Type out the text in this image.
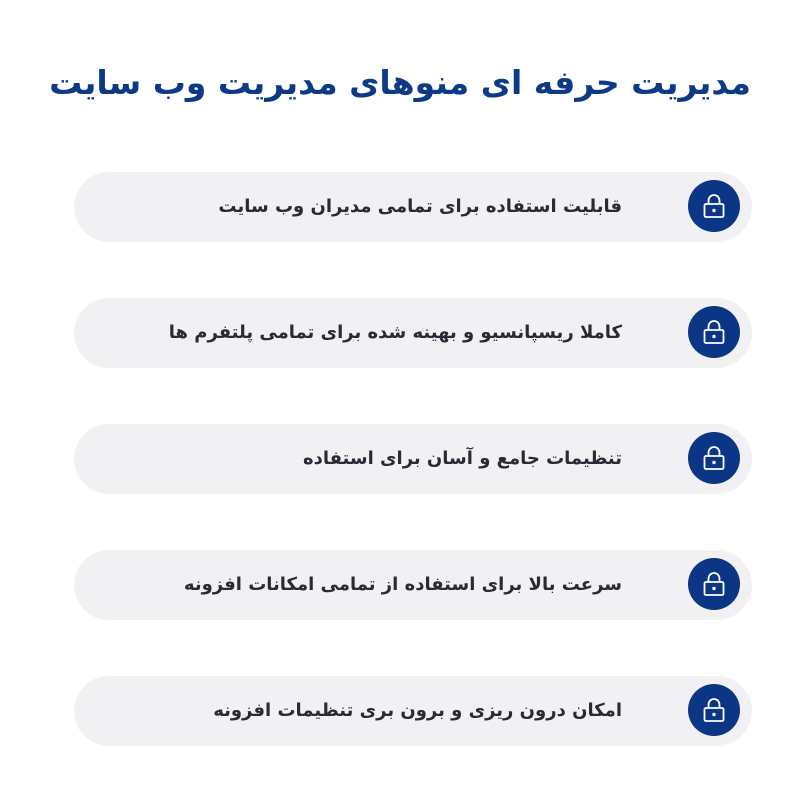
مدیریت حرفه ای منوهای مدیریت وب سایت
قابلیت استفاده برای تمامی مدیران وب سایت
کاملا ریسپانسیو و بهینه شده برای تمامی پلتفرم ها
تنظیمات جامع و آسان برای استفاده
سرعت بالا برای استفاده از تمامی امکانات افزونه
امکان درون ریزی و برون بری تنظیمات افزونه
